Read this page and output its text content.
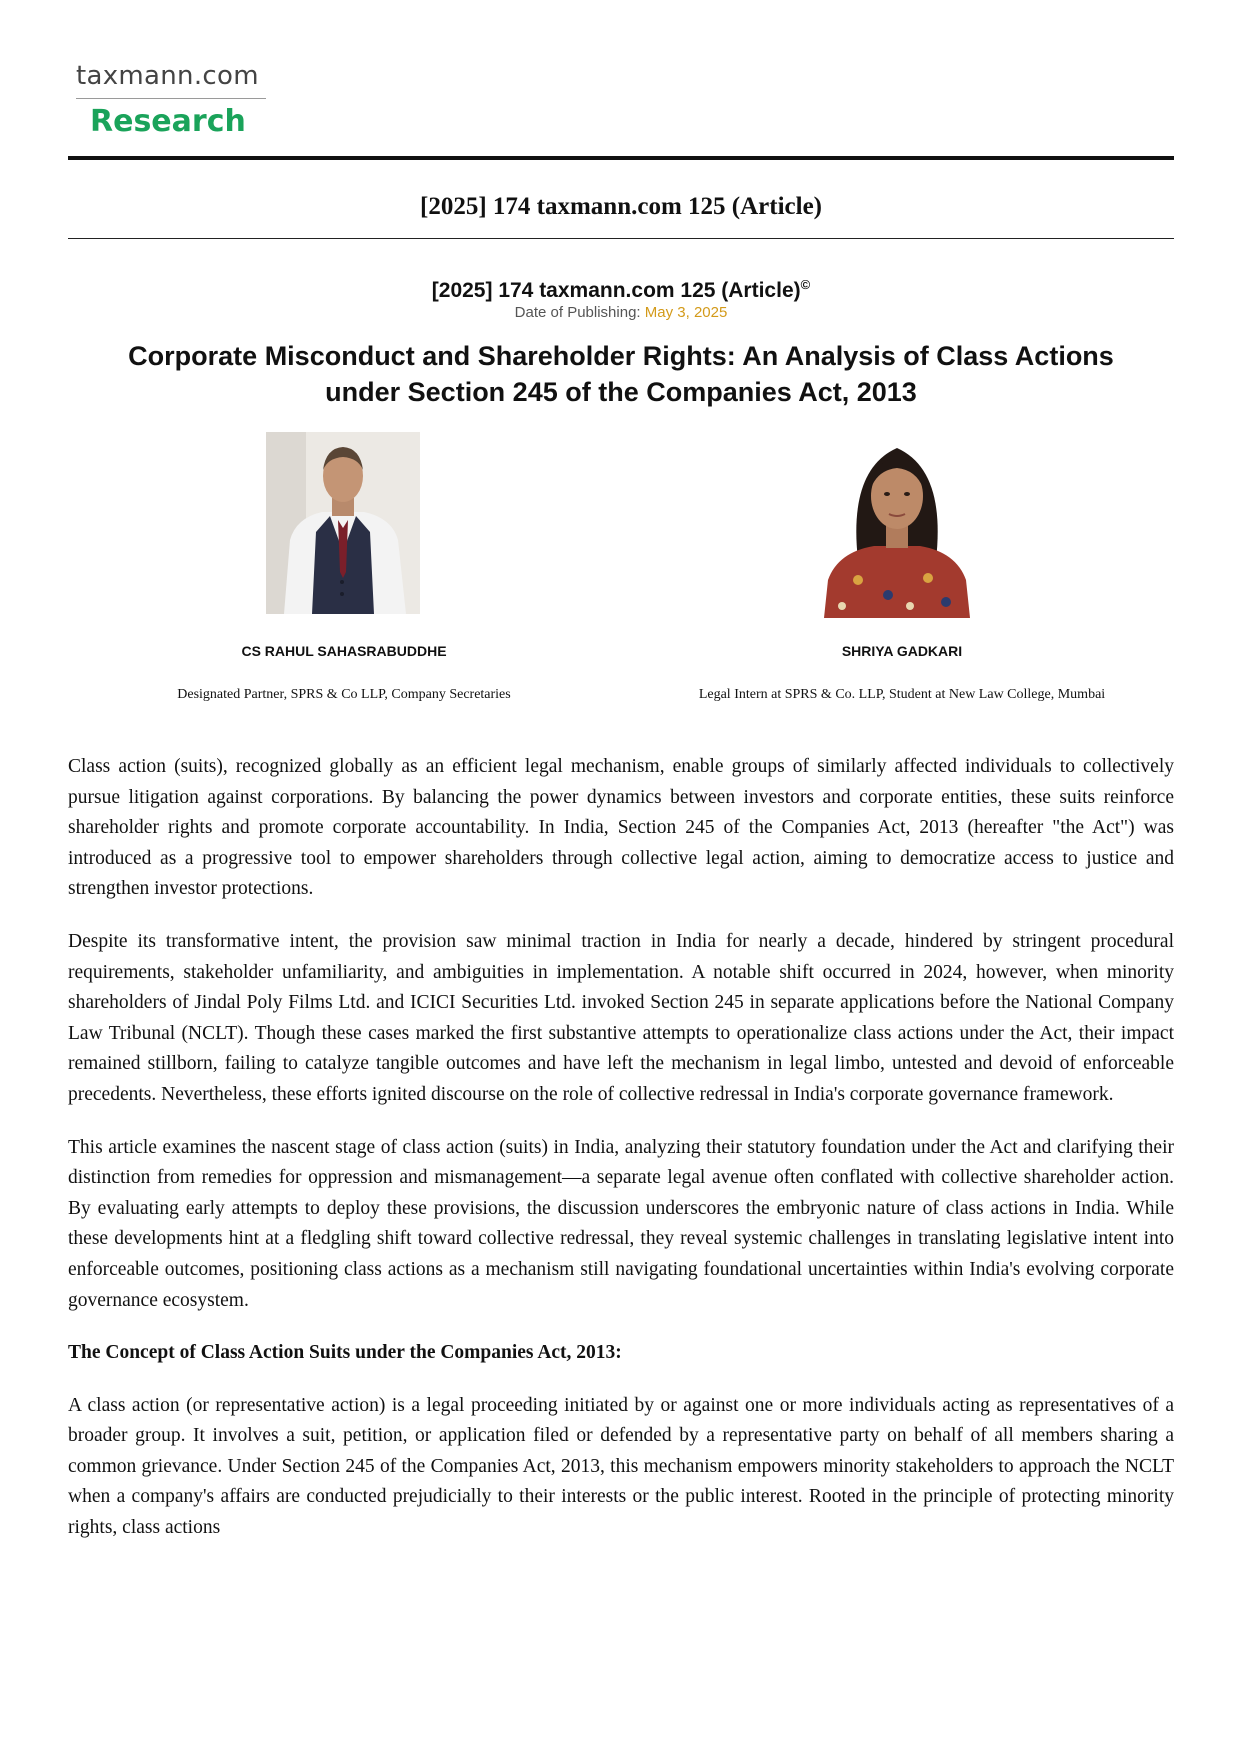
taxmann.com
Research
[2025] 174 taxmann.com 125 (Article)
[2025] 174 taxmann.com 125 (Article)©
Date of Publishing: May 3, 2025
Corporate Misconduct and Shareholder Rights: An Analysis of Class Actions
under Section 245 of the Companies Act, 2013
CS RAHUL SAHASRABUDDHE
Designated Partner, SPRS & Co LLP, Company Secretaries
SHRIYA GADKARI
Legal Intern at SPRS & Co. LLP, Student at New Law College, Mumbai

Class action (suits), recognized globally as an efficient legal mechanism, enable groups of similarly affected individuals to collectively pursue litigation against corporations. By balancing the power dynamics between investors and corporate entities, these suits reinforce shareholder rights and promote corporate accountability. In India, Section 245 of the Companies Act, 2013 (hereafter "the Act") was introduced as a progressive tool to empower shareholders through collective legal action, aiming to democratize access to justice and strengthen investor protections.

Despite its transformative intent, the provision saw minimal traction in India for nearly a decade, hindered by stringent procedural requirements, stakeholder unfamiliarity, and ambiguities in implementation. A notable shift occurred in 2024, however, when minority shareholders of Jindal Poly Films Ltd. and ICICI Securities Ltd. invoked Section 245 in separate applications before the National Company Law Tribunal (NCLT). Though these cases marked the first substantive attempts to operationalize class actions under the Act, their impact remained stillborn, failing to catalyze tangible outcomes and have left the mechanism in legal limbo, untested and devoid of enforceable precedents. Nevertheless, these efforts ignited discourse on the role of collective redressal in India's corporate governance framework.

This article examines the nascent stage of class action (suits) in India, analyzing their statutory foundation under the Act and clarifying their distinction from remedies for oppression and mismanagement—a separate legal avenue often conflated with collective shareholder action. By evaluating early attempts to deploy these provisions, the discussion underscores the embryonic nature of class actions in India. While these developments hint at a fledgling shift toward collective redressal, they reveal systemic challenges in translating legislative intent into enforceable outcomes, positioning class actions as a mechanism still navigating foundational uncertainties within India's evolving corporate governance ecosystem.

The Concept of Class Action Suits under the Companies Act, 2013:

A class action (or representative action) is a legal proceeding initiated by or against one or more individuals acting as representatives of a broader group. It involves a suit, petition, or application filed or defended by a representative party on behalf of all members sharing a common grievance. Under Section 245 of the Companies Act, 2013, this mechanism empowers minority stakeholders to approach the NCLT when a company's affairs are conducted prejudicially to their interests or the public interest. Rooted in the principle of protecting minority rights, class actions
